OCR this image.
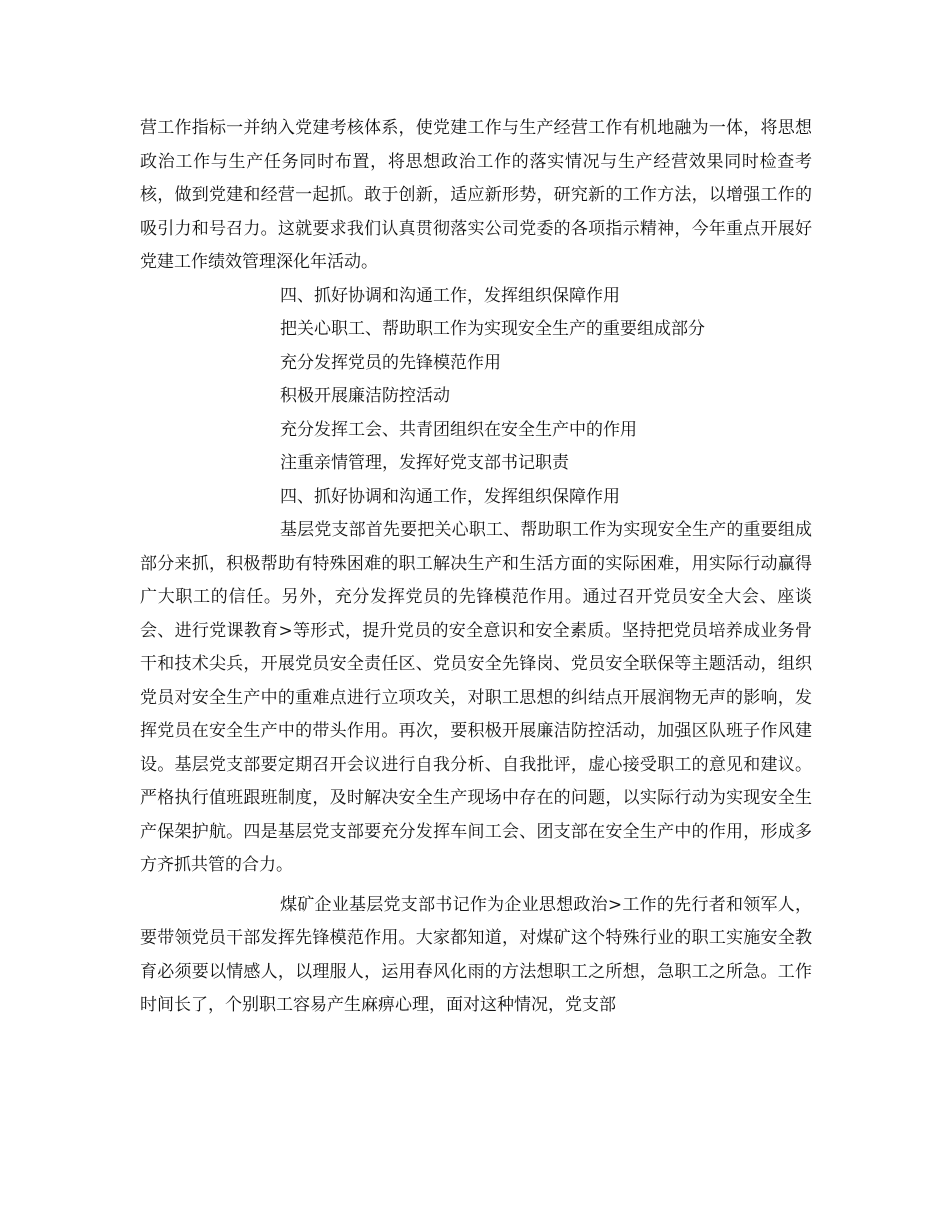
营工作指标一并纳入党建考核体系，使党建工作与生产经营工作有机地融为一体，将思想政治工作与生产任务同时布置，将思想政治工作的落实情况与生产经营效果同时检查考核，做到党建和经营一起抓。敢于创新，适应新形势，研究新的工作方法，以增强工作的吸引力和号召力。这就要求我们认真贯彻落实公司党委的各项指示精神，今年重点开展好党建工作绩效管理深化年活动。

四、抓好协调和沟通工作，发挥组织保障作用

把关心职工、帮助职工作为实现安全生产的重要组成部分

充分发挥党员的先锋模范作用

积极开展廉洁防控活动

充分发挥工会、共青团组织在安全生产中的作用

注重亲情管理，发挥好党支部书记职责

四、抓好协调和沟通工作，发挥组织保障作用

基层党支部首先要把关心职工、帮助职工作为实现安全生产的重要组成部分来抓，积极帮助有特殊困难的职工解决生产和生活方面的实际困难，用实际行动赢得广大职工的信任。另外，充分发挥党员的先锋模范作用。通过召开党员安全大会、座谈会、进行党课教育>等形式，提升党员的安全意识和安全素质。坚持把党员培养成业务骨干和技术尖兵，开展党员安全责任区、党员安全先锋岗、党员安全联保等主题活动，组织党员对安全生产中的重难点进行立项攻关，对职工思想的纠结点开展润物无声的影响，发挥党员在安全生产中的带头作用。再次，要积极开展廉洁防控活动，加强区队班子作风建设。基层党支部要定期召开会议进行自我分析、自我批评，虚心接受职工的意见和建议。严格执行值班跟班制度，及时解决安全生产现场中存在的问题，以实际行动为实现安全生产保架护航。四是基层党支部要充分发挥车间工会、团支部在安全生产中的作用，形成多方齐抓共管的合力。

煤矿企业基层党支部书记作为企业思想政治>工作的先行者和领军人，要带领党员干部发挥先锋模范作用。大家都知道，对煤矿这个特殊行业的职工实施安全教育必须要以情感人，以理服人，运用春风化雨的方法想职工之所想，急职工之所急。工作时间长了，个别职工容易产生麻痹心理，面对这种情况，党支部
